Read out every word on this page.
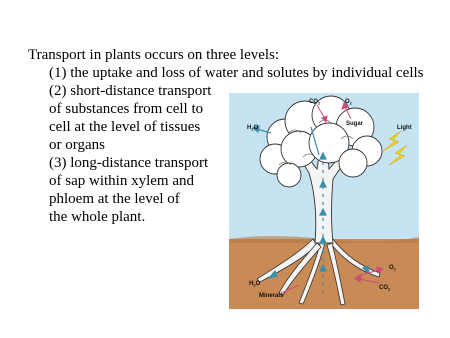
Transport in plants occurs on three levels:
(1) the uptake and loss of water and solutes by individual cells
(2) short-distance transport
of substances from cell to
cell at the level of tissues
or organs
(3) long-distance transport
of sap within xylem and
phloem at the level of
the whole plant.
$CO_2$	$O_2$
Light
$H_2O$
Sugar
$O_2$
$H_2O$
$CO_2$
Minerals
